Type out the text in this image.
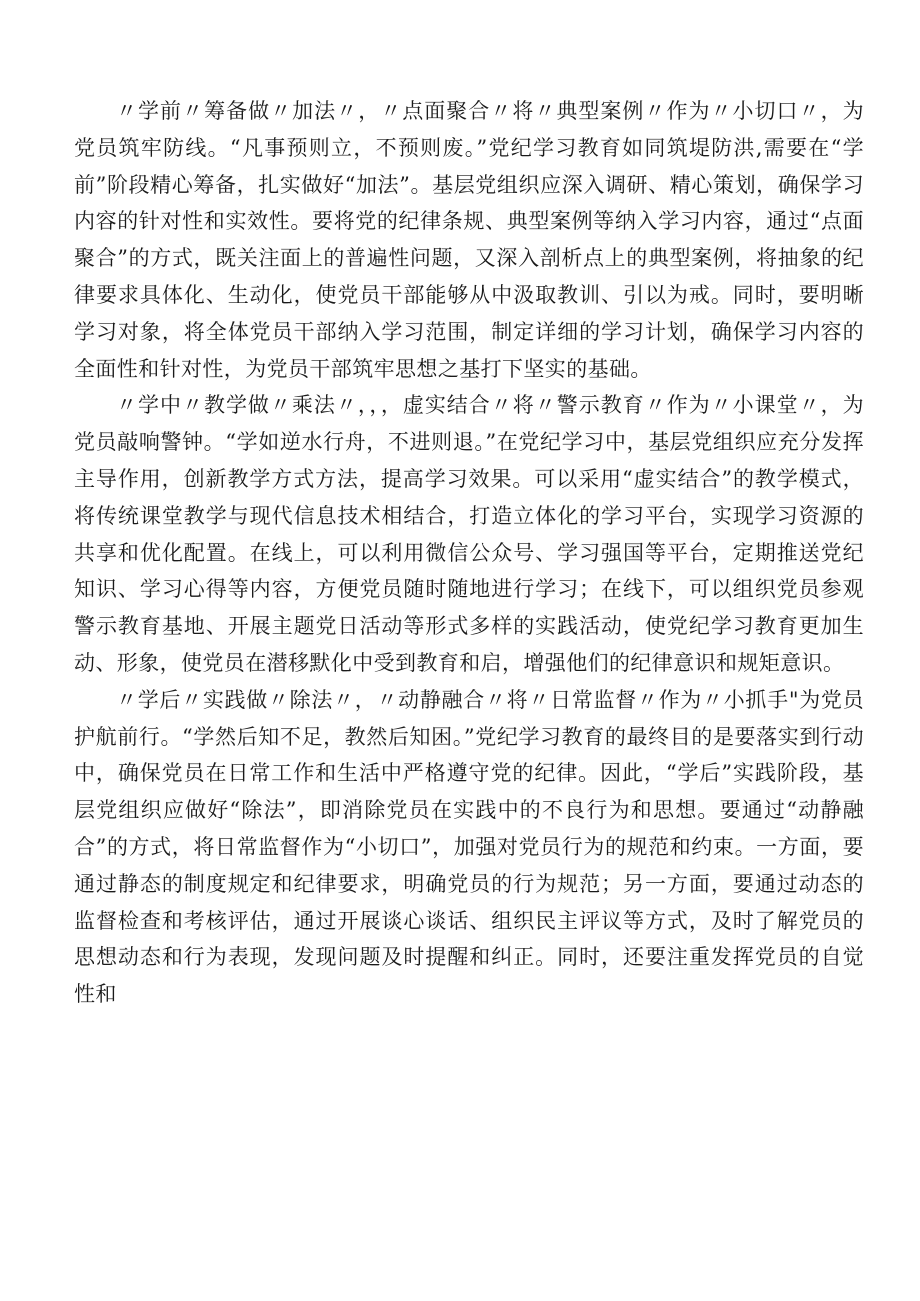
〃学前〃筹备做〃加法〃，〃点面聚合〃将〃典型案例〃作为〃小切口〃，为党员筑牢防线。“凡事预则立，不预则废。”党纪学习教育如同筑堤防洪,需要在“学前”阶段精心筹备，扎实做好“加法”。基层党组织应深入调研、精心策划，确保学习内容的针对性和实效性。要将党的纪律条规、典型案例等纳入学习内容，通过“点面聚合”的方式，既关注面上的普遍性问题，又深入剖析点上的典型案例，将抽象的纪律要求具体化、生动化，使党员干部能够从中汲取教训、引以为戒。同时，要明晰学习对象，将全体党员干部纳入学习范围，制定详细的学习计划，确保学习内容的全面性和针对性，为党员干部筑牢思想之基打下坚实的基础。

〃学中〃教学做〃乘法〃，，，虚实结合〃将〃警示教育〃作为〃小课堂〃，为党员敲响警钟。“学如逆水行舟，不进则退。”在党纪学习中，基层党组织应充分发挥主导作用，创新教学方式方法，提高学习效果。可以采用“虚实结合”的教学模式，将传统课堂教学与现代信息技术相结合，打造立体化的学习平台，实现学习资源的共享和优化配置。在线上，可以利用微信公众号、学习强国等平台，定期推送党纪知识、学习心得等内容，方便党员随时随地进行学习；在线下，可以组织党员参观警示教育基地、开展主题党日活动等形式多样的实践活动，使党纪学习教育更加生动、形象，使党员在潜移默化中受到教育和启，增强他们的纪律意识和规矩意识。

〃学后〃实践做〃除法〃，〃动静融合〃将〃日常监督〃作为〃小抓手"为党员护航前行。“学然后知不足，教然后知困。”党纪学习教育的最终目的是要落实到行动中，确保党员在日常工作和生活中严格遵守党的纪律。因此，“学后”实践阶段，基层党组织应做好“除法”，即消除党员在实践中的不良行为和思想。要通过“动静融合”的方式，将日常监督作为“小切口”，加强对党员行为的规范和约束。一方面，要通过静态的制度规定和纪律要求，明确党员的行为规范；另一方面，要通过动态的监督检查和考核评估，通过开展谈心谈话、组织民主评议等方式，及时了解党员的思想动态和行为表现，发现问题及时提醒和纠正。同时，还要注重发挥党员的自觉性和
